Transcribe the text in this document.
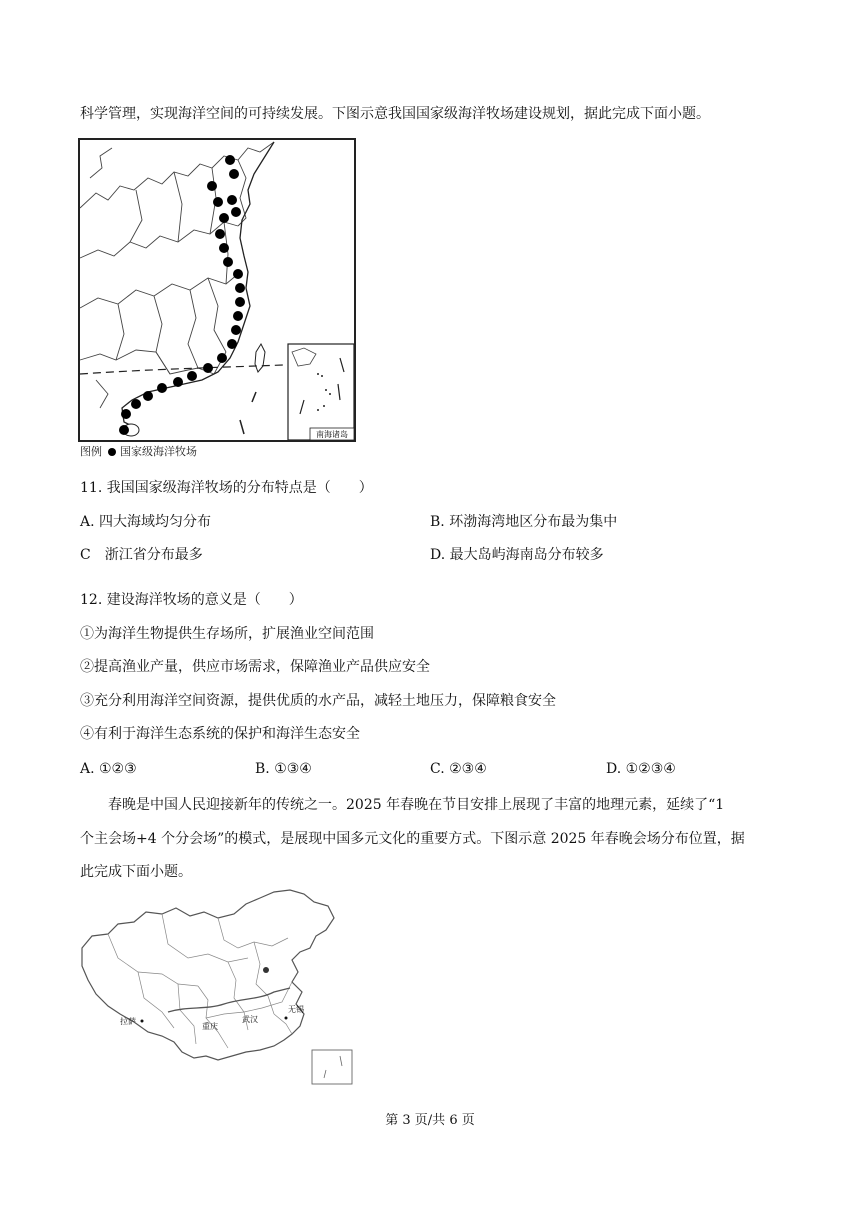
科学管理，实现海洋空间的可持续发展。下图示意我国国家级海洋牧场建设规划，据此完成下面小题。
南海诸岛
图例 国家级海洋牧场
11. 我国国家级海洋牧场的分布特点是（　　）
A. 四大海域均匀分布	B. 环渤海湾地区分布最为集中
C　浙江省分布最多	D. 最大岛屿海南岛分布较多
12. 建设海洋牧场的意义是（　　）
①为海洋生物提供生存场所，扩展渔业空间范围
②提高渔业产量，供应市场需求，保障渔业产品供应安全
③充分利用海洋空间资源，提供优质的水产品，减轻土地压力，保障粮食安全
④有利于海洋生态系统的保护和海洋生态安全
A. ①②③	B. ①③④	C. ②③④	D. ①②③④
春晚是中国人民迎接新年的传统之一。2025 年春晚在节目安排上展现了丰富的地理元素，延续了“1
个主会场+4 个分会场”的模式，是展现中国多元文化的重要方式。下图示意 2025 年春晚会场分布位置，据
此完成下面小题。
拉萨
重庆
武汉
无锡
第 3 页/共 6 页
